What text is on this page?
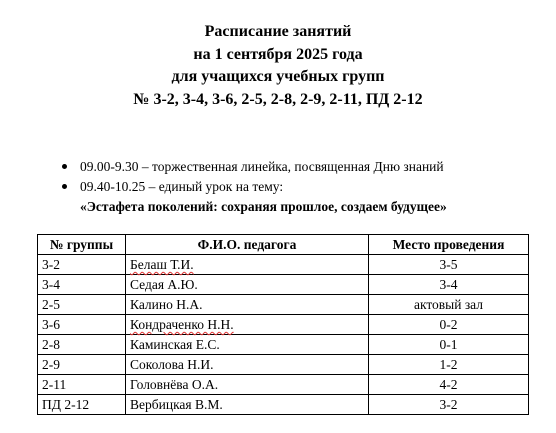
Расписание занятий
на 1 сентября 2025 года
для учащихся учебных групп
№ 3-2, 3-4, 3-6, 2-5, 2-8, 2-9, 2-11, ПД 2-12
09.00-9.30 – торжественная линейка, посвященная Дню знаний
09.40-10.25 – единый урок на тему:
«Эстафета поколений: сохраняя прошлое, создаем будущее»
№ группы	Ф.И.О. педагога	Место проведения
3-2	Белаш Т.И.	3-5
3-4	Седая А.Ю.	3-4
2-5	Калино Н.А.	актовый зал
3-6	Кондраченко Н.Н.	0-2
2-8	Каминская Е.С.	0-1
2-9	Соколова Н.И.	1-2
2-11	Головнёва О.А.	4-2
ПД 2-12	Вербицкая В.М.	3-2
